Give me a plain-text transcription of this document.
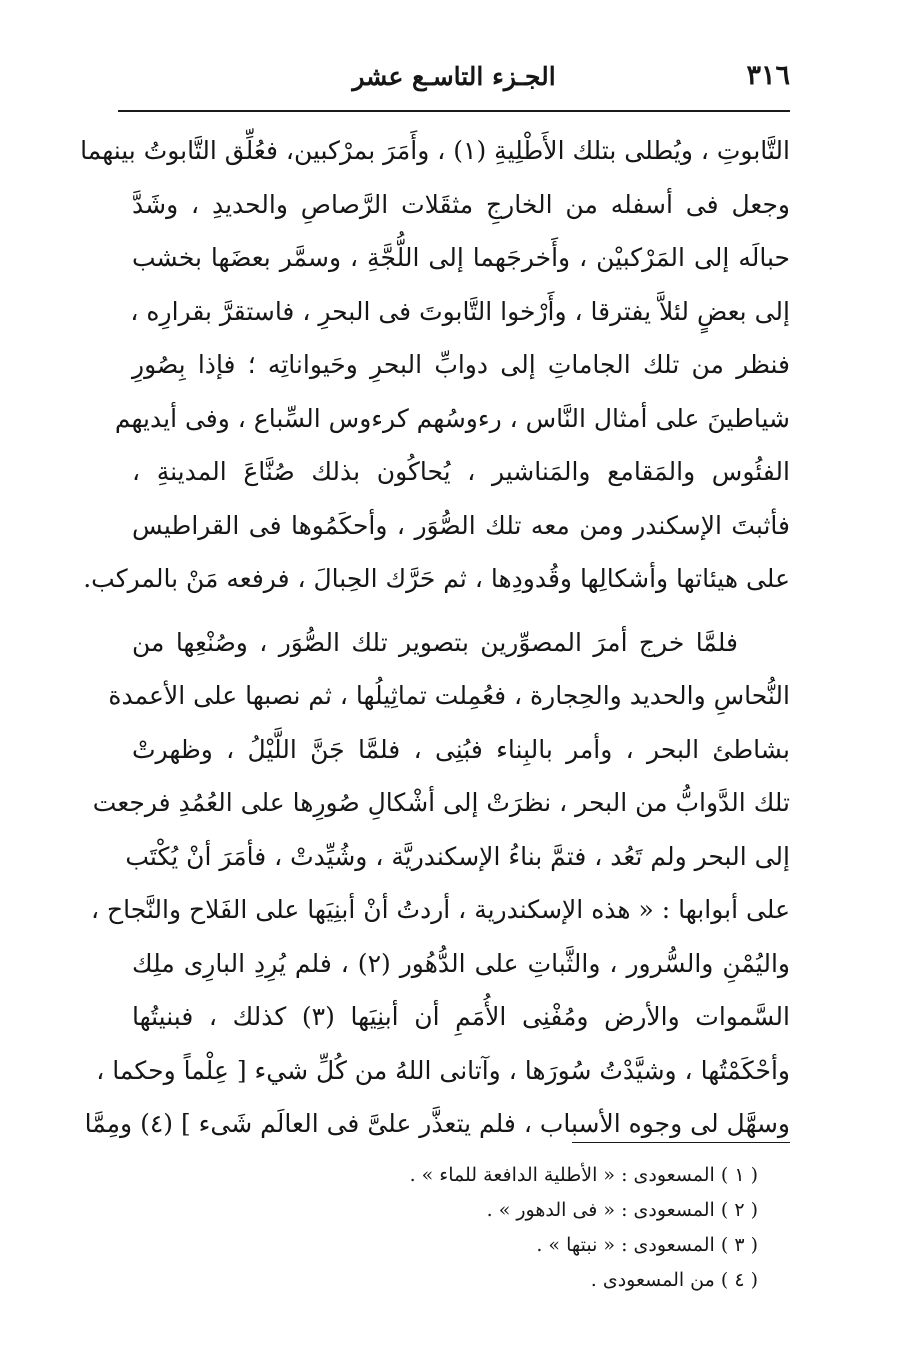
٣١٦
الجـزء التاسـع عشر
التَّابوتِ ، ويُطلى بتلك الأَطْلِيةِ (١) ، وأَمَرَ بمرْكبين، فعُلِّق التَّابوتُ بينهما
وجعل فى أسفله من الخارجِ مثقَلات الرَّصاصِ والحديدِ ، وشَدَّ
حبالَه إلى المَرْكبيْن ، وأَخرجَهما إلى اللُّجَّةِ ، وسمَّر بعضَها بخشب
إلى بعضٍ لئلاَّ يفترقا ، وأَرْخوا التَّابوتَ فى البحرِ ، فاستقرَّ بقرارِه ،
فنظر من تلك الجاماتِ إلى دوابِّ البحرِ وحَيواناتِه ؛ فإذا بِصُورِ
شياطينَ على أمثال النَّاس ، رءوسُهم كرءوس السِّباع ، وفى أيديهم
الفئُوس والمَقامع والمَناشير ، يُحاكُون بذلك صُنَّاعَ المدينةِ ،
فأثبتَ الإسكندر ومن معه تلك الصُّوَر ، وأحكَمُوها فى القراطيس
على هيئاتها وأشكالِها وقُدودِها ، ثم حَرَّك الحِبالَ ، فرفعه مَنْ بالمركب.
فلمَّا خرج أمرَ المصوِّرين بتصوير تلك الصُّوَر ، وصُنْعِها من
النُّحاسِ والحديد والحِجارة ، فعُمِلت تماثِيلُها ، ثم نصبها على الأعمدة
بشاطئ البحر ، وأمر بالبِناء فبُنِى ، فلمَّا جَنَّ اللَّيْلُ ، وظهرتْ
تلك الدَّوابُّ من البحر ، نظرَتْ إلى أشْكالِ صُورِها على العُمُدِ فرجعت
إلى البحر ولم تَعُد ، فتمَّ بناءُ الإسكندريَّة ، وشُيِّدتْ ، فأمَرَ أنْ يُكْتَب
على أبوابها : « هذه الإسكندرية ، أردتُ أنْ أبنِيَها على الفَلاح والنَّجاح ،
واليُمْنِ والسُّرور ، والثَّباتِ على الدُّهُور (٢) ، فلم يُرِدِ البارِى ملِك
السَّموات والأرض ومُفْنِى الأُمَمِ أن أبنِيَها (٣) كذلك ، فبنيتُها
وأحْكَمْتُها ، وشيَّدْتُ سُورَها ، وآتانى اللهُ من كُلِّ شيء [ عِلْماً وحكما ،
وسهَّل لى وجوه الأسباب ، فلم يتعذَّر علىَّ فى العالَم شَىء ] (٤) ومِمَّا
( ١ ) المسعودى : « الأطلية الدافعة للماء » .
( ٢ ) المسعودى : « فى الدهور » .
( ٣ ) المسعودى : « نبتها » .
( ٤ ) من المسعودى .
